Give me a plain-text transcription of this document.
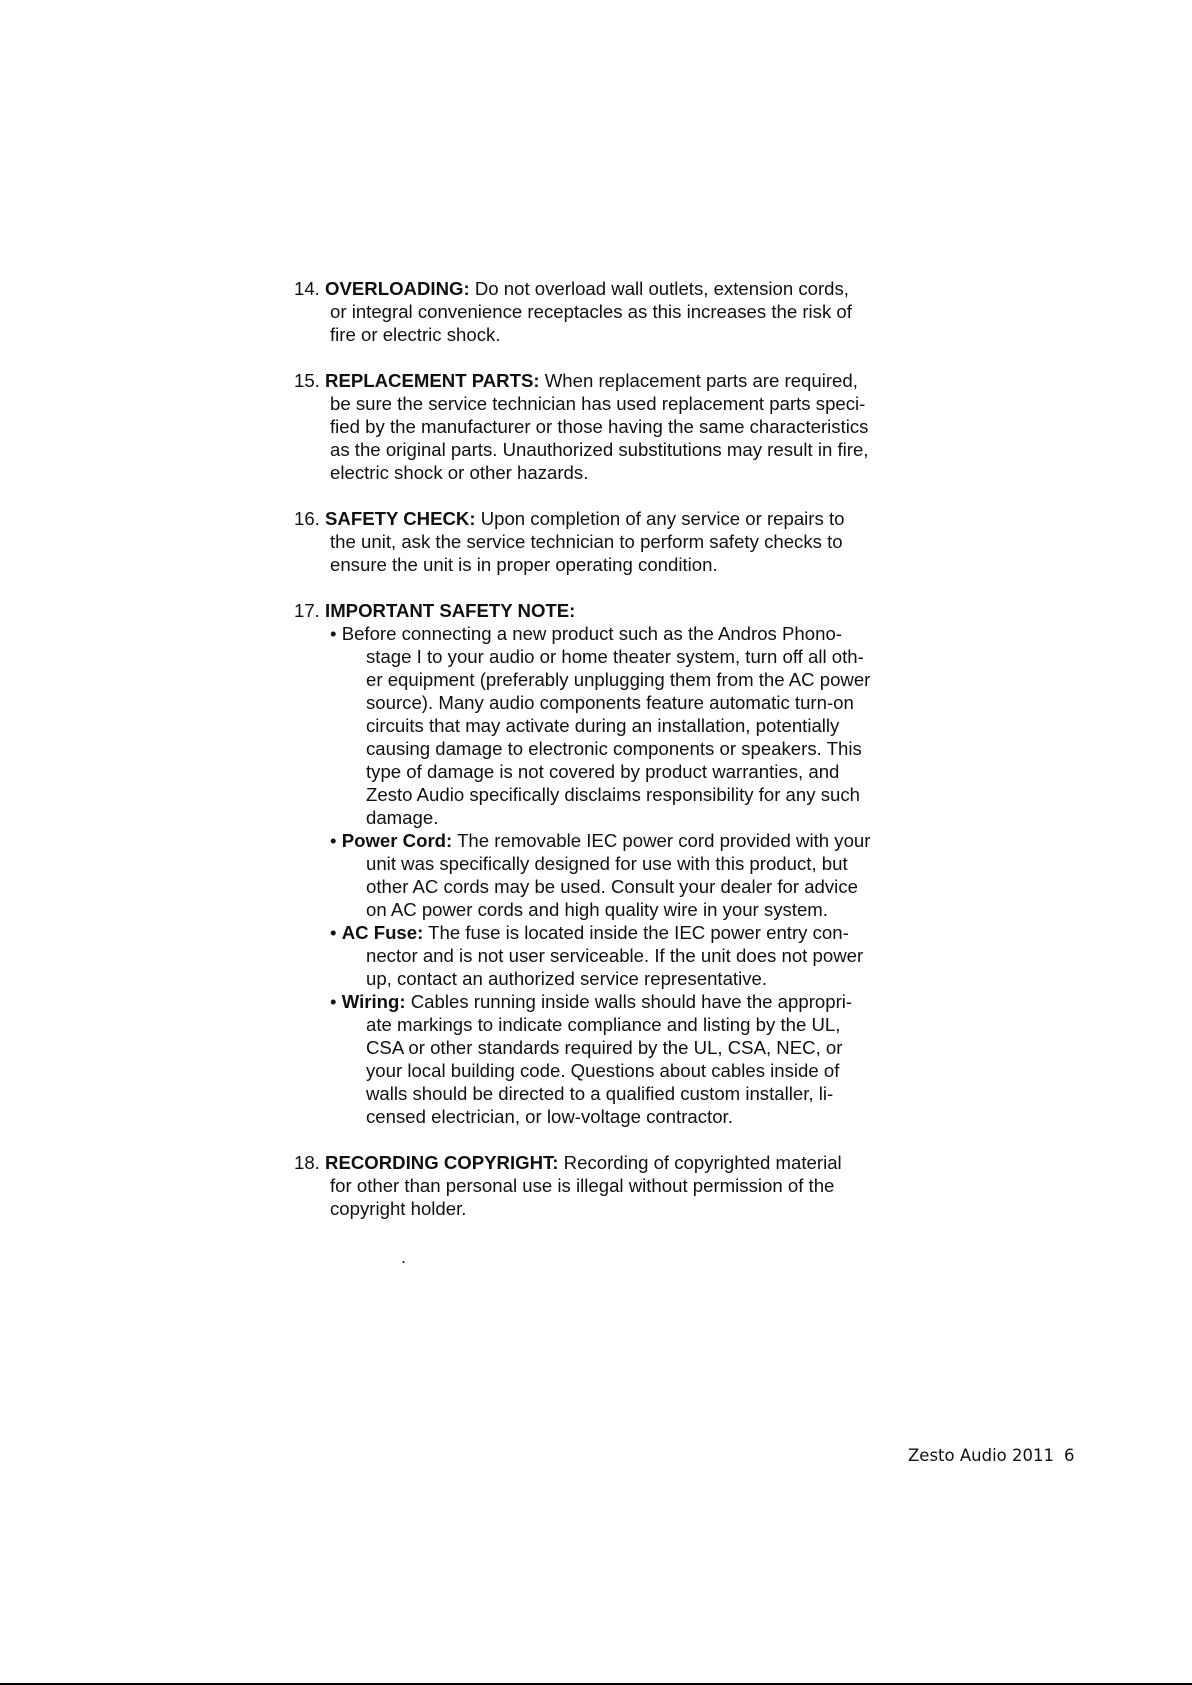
14. OVERLOADING: Do not overload wall outlets, extension cords,
or integral convenience receptacles as this increases the risk of
fire or electric shock.
15. REPLACEMENT PARTS: When replacement parts are required,
be sure the service technician has used replacement parts speci-
fied by the manufacturer or those having the same characteristics
as the original parts. Unauthorized substitutions may result in fire,
electric shock or other hazards.
16. SAFETY CHECK: Upon completion of any service or repairs to
the unit, ask the service technician to perform safety checks to
ensure the unit is in proper operating condition.
17. IMPORTANT SAFETY NOTE:
• Before connecting a new product such as the Andros Phono-
stage I to your audio or home theater system, turn off all oth-
er equipment (preferably unplugging them from the AC power
source). Many audio components feature automatic turn-on
circuits that may activate during an installation, potentially
causing damage to electronic components or speakers. This
type of damage is not covered by product warranties, and
Zesto Audio specifically disclaims responsibility for any such
damage.
• Power Cord: The removable IEC power cord provided with your
unit was specifically designed for use with this product, but
other AC cords may be used. Consult your dealer for advice
on AC power cords and high quality wire in your system.
• AC Fuse: The fuse is located inside the IEC power entry con-
nector and is not user serviceable. If the unit does not power
up, contact an authorized service representative.
• Wiring: Cables running inside walls should have the appropri-
ate markings to indicate compliance and listing by the UL,
CSA or other standards required by the UL, CSA, NEC, or
your local building code. Questions about cables inside of
walls should be directed to a qualified custom installer, li-
censed electrician, or low-voltage contractor.
18. RECORDING COPYRIGHT: Recording of copyrighted material
for other than personal use is illegal without permission of the
copyright holder.
.
Zesto Audio 2011 6
